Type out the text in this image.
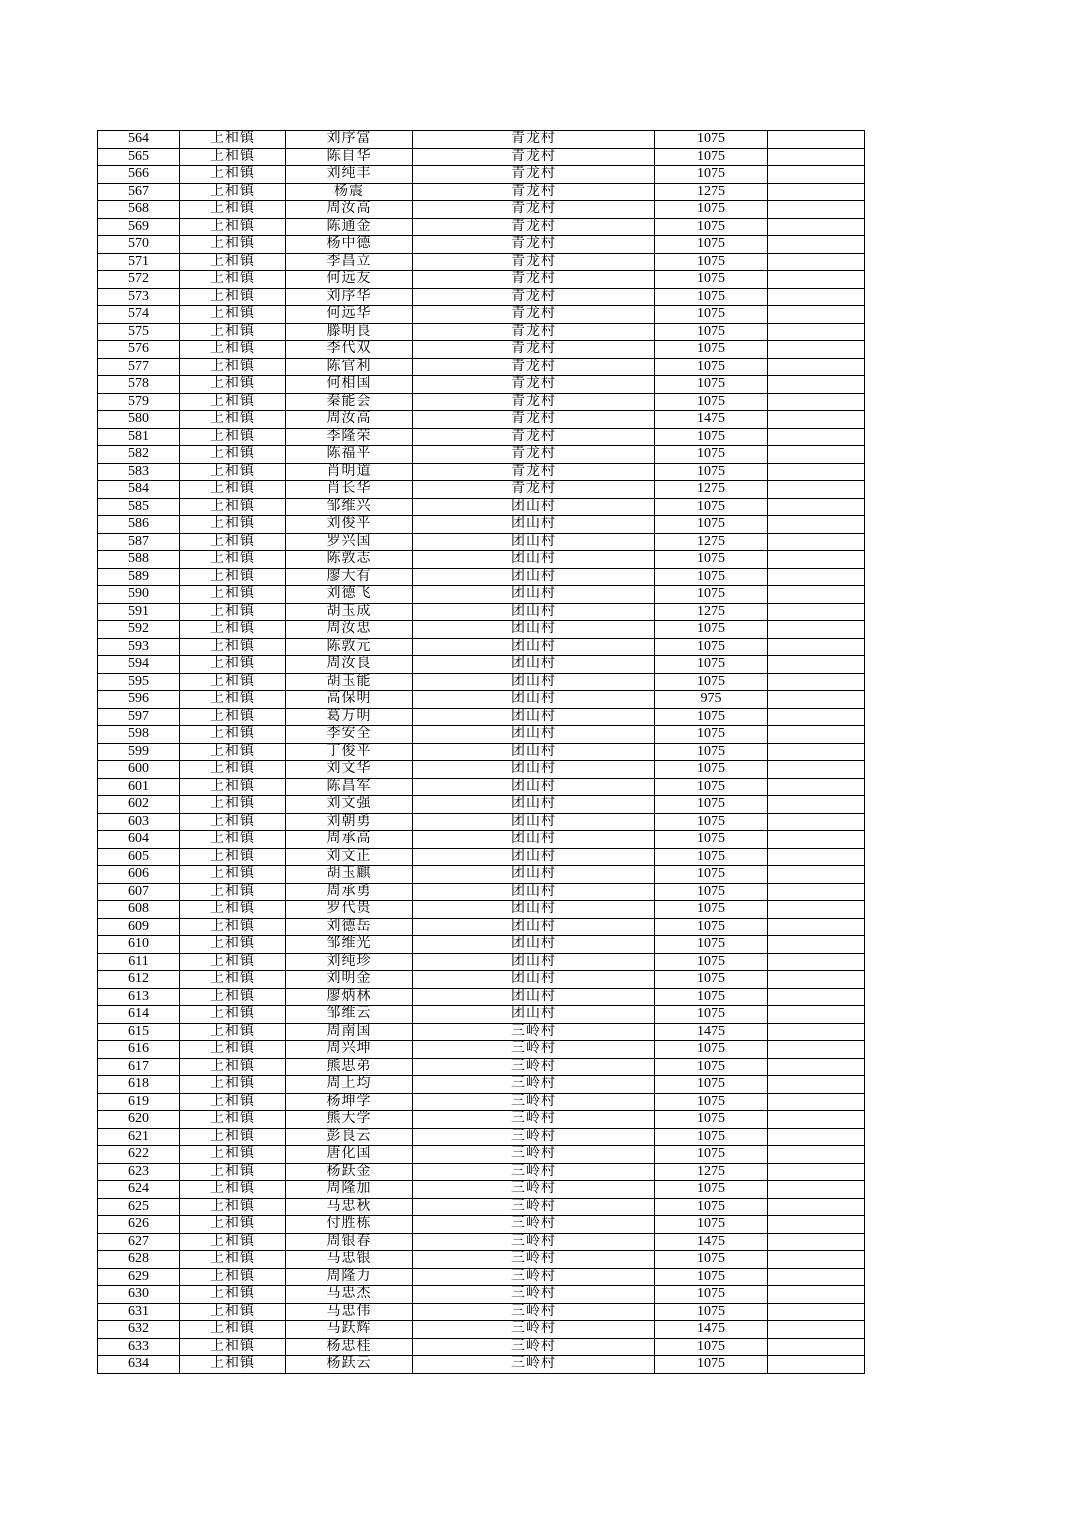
564	上和镇	刘序富	青龙村	1075	
565	上和镇	陈自华	青龙村	1075	
566	上和镇	刘纯丰	青龙村	1075	
567	上和镇	杨震	青龙村	1275	
568	上和镇	周汝高	青龙村	1075	
569	上和镇	陈通金	青龙村	1075	
570	上和镇	杨中德	青龙村	1075	
571	上和镇	李昌立	青龙村	1075	
572	上和镇	何远友	青龙村	1075	
573	上和镇	刘序华	青龙村	1075	
574	上和镇	何远华	青龙村	1075	
575	上和镇	滕明良	青龙村	1075	
576	上和镇	李代双	青龙村	1075	
577	上和镇	陈官利	青龙村	1075	
578	上和镇	何相国	青龙村	1075	
579	上和镇	秦能会	青龙村	1075	
580	上和镇	周汝高	青龙村	1475	
581	上和镇	李隆荣	青龙村	1075	
582	上和镇	陈福平	青龙村	1075	
583	上和镇	肖明道	青龙村	1075	
584	上和镇	肖长华	青龙村	1275	
585	上和镇	邹维兴	团山村	1075	
586	上和镇	刘俊平	团山村	1075	
587	上和镇	罗兴国	团山村	1275	
588	上和镇	陈敦志	团山村	1075	
589	上和镇	廖大有	团山村	1075	
590	上和镇	刘德飞	团山村	1075	
591	上和镇	胡玉成	团山村	1275	
592	上和镇	周汝忠	团山村	1075	
593	上和镇	陈敦元	团山村	1075	
594	上和镇	周汝良	团山村	1075	
595	上和镇	胡玉能	团山村	1075	
596	上和镇	高保明	团山村	975	
597	上和镇	葛万明	团山村	1075	
598	上和镇	李安全	团山村	1075	
599	上和镇	丁俊平	团山村	1075	
600	上和镇	刘文华	团山村	1075	
601	上和镇	陈昌军	团山村	1075	
602	上和镇	刘文强	团山村	1075	
603	上和镇	刘朝勇	团山村	1075	
604	上和镇	周承高	团山村	1075	
605	上和镇	刘文正	团山村	1075	
606	上和镇	胡玉麒	团山村	1075	
607	上和镇	周承勇	团山村	1075	
608	上和镇	罗代贵	团山村	1075	
609	上和镇	刘德岳	团山村	1075	
610	上和镇	邹维光	团山村	1075	
611	上和镇	刘纯珍	团山村	1075	
612	上和镇	刘明金	团山村	1075	
613	上和镇	廖炳林	团山村	1075	
614	上和镇	邹维云	团山村	1075	
615	上和镇	周南国	三岭村	1475	
616	上和镇	周兴坤	三岭村	1075	
617	上和镇	熊思弟	三岭村	1075	
618	上和镇	周上均	三岭村	1075	
619	上和镇	杨坤学	三岭村	1075	
620	上和镇	熊大学	三岭村	1075	
621	上和镇	彭良云	三岭村	1075	
622	上和镇	唐化国	三岭村	1075	
623	上和镇	杨跃金	三岭村	1275	
624	上和镇	周隆加	三岭村	1075	
625	上和镇	马忠秋	三岭村	1075	
626	上和镇	付胜栋	三岭村	1075	
627	上和镇	周银春	三岭村	1475	
628	上和镇	马忠银	三岭村	1075	
629	上和镇	周隆力	三岭村	1075	
630	上和镇	马忠杰	三岭村	1075	
631	上和镇	马忠伟	三岭村	1075	
632	上和镇	马跃辉	三岭村	1475	
633	上和镇	杨忠桂	三岭村	1075	
634	上和镇	杨跃云	三岭村	1075	
